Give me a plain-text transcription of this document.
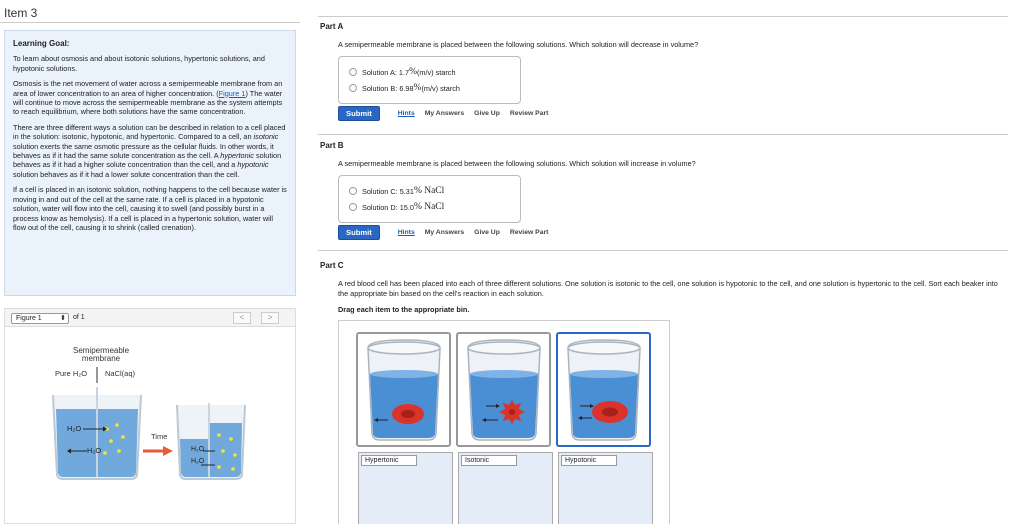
Item 3
Learning Goal:

To learn about osmosis and about isotonic solutions, hypertonic solutions, and hypotonic solutions.

Osmosis is the net movement of water across a semipermeable membrane from an area of lower concentration to an area of higher concentration. (Figure 1) The water will continue to move across the semipermeable membrane as the system attempts to reach equilibrium, where both solutions have the same concentration.

There are three different ways a solution can be described in relation to a cell placed in the solution: isotonic, hypotonic, and hypertonic. Compared to a cell, an isotonic solution exerts the same osmotic pressure as the cellular fluids. In other words, it behaves as if it had the same solute concentration as the cell. A hypertonic solution behaves as if it had a higher solute concentration than the cell, and a hypotonic solution behaves as if it had a lower solute concentration than the cell.

If a cell is placed in an isotonic solution, nothing happens to the cell because water is moving in and out of the cell at the same rate. If a cell is placed in a hypotonic solution, water will flow into the cell, causing it to swell (and possibly burst in a process know as hemolysis). If a cell is placed in a hypertonic solution, water will flow out of the cell, causing it to shrink (called crenation).

Figure 1	⬍ of 1	<	>
Semipermeable
membrane
Pure H₂O NaCl(aq)
H₂O
H₂O
Time
H₂O
H₂O
Part A
A semipermeable membrane is placed between the following solutions. Which solution will decrease in volume?
Solution A: 1.7 % (m/v) starch
Solution B: 6.98 % (m/v) starch
Submit	Hints My Answers Give Up Review Part
Part B
A semipermeable membrane is placed between the following solutions. Which solution will increase in volume?
Solution C: 5.31 % NaCl
Solution D: 15.0 % NaCl
Submit	Hints My Answers Give Up Review Part
Part C
A red blood cell has been placed into each of three different solutions. One solution is isotonic to the cell, one solution is hypotonic to the cell, and one solution is hypertonic to the cell. Sort each beaker into the appropriate bin based on the cell's reaction in each solution.
Drag each item to the appropriate bin.
Hypertonic	Isotonic	Hypotonic
